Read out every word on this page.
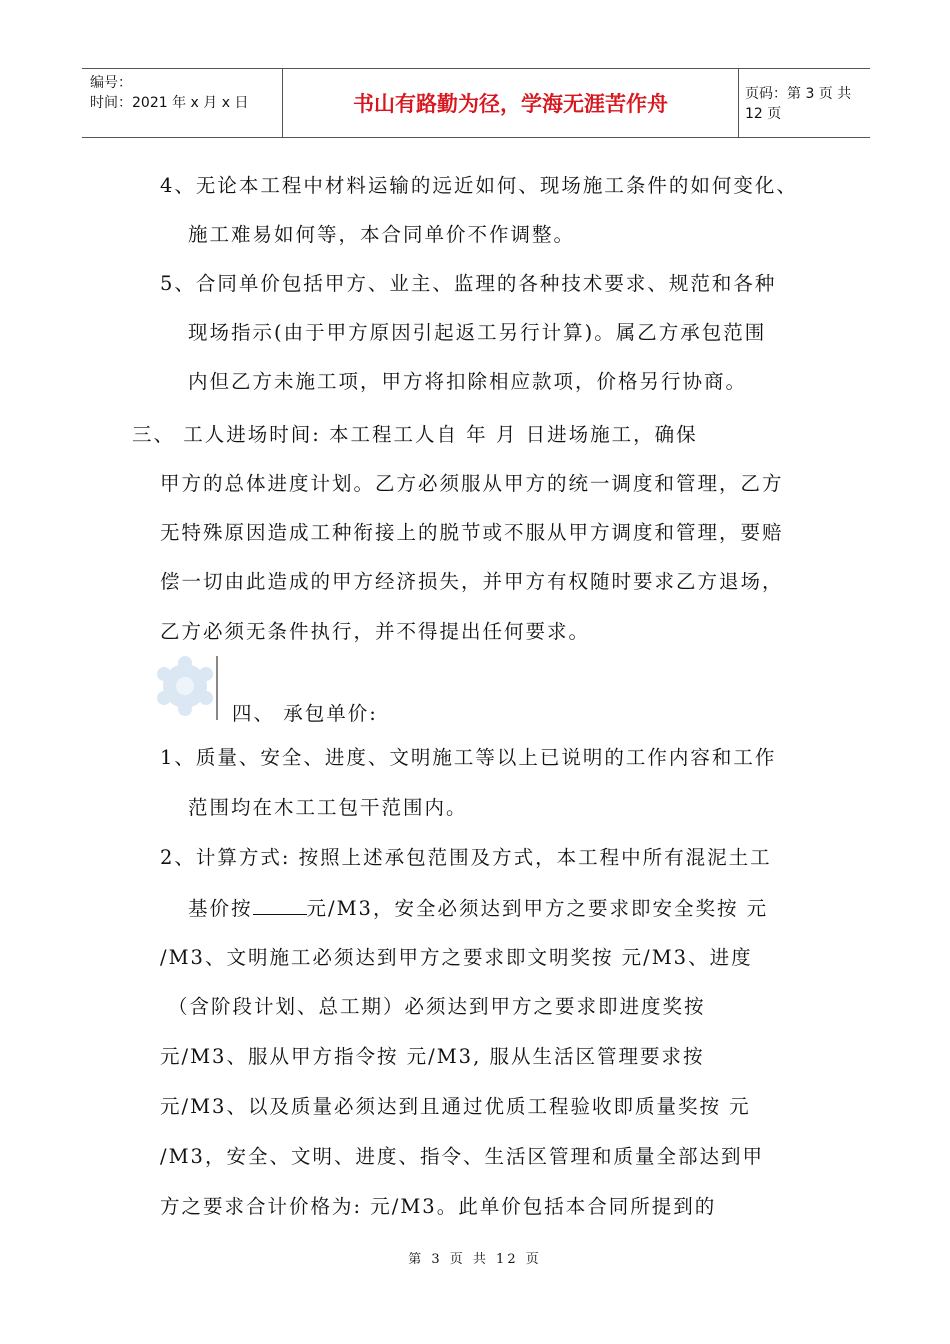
编号：
时间：2021 年 x 月 x 日	书山有路勤为径，学海无涯苦作舟	页码：第 3 页 共 12 页
4、无论本工程中材料运输的远近如何、现场施工条件的如何变化、
施工难易如何等，本合同单价不作调整。
5、合同单价包括甲方、业主、监理的各种技术要求、规范和各种
现场指示(由于甲方原因引起返工另行计算)。属乙方承包范围
内但乙方未施工项，甲方将扣除相应款项，价格另行协商。
三、 工人进场时间: 本工程工人自 年 月 日进场施工，确保
甲方的总体进度计划。乙方必须服从甲方的统一调度和管理，乙方
无特殊原因造成工种衔接上的脱节或不服从甲方调度和管理，要赔
偿一切由此造成的甲方经济损失，并甲方有权随时要求乙方退场，
乙方必须无条件执行，并不得提出任何要求。
四、 承包单价:
1、质量、安全、进度、文明施工等以上已说明的工作内容和工作
范围均在木工工包干范围内。
2、计算方式: 按照上述承包范围及方式，本工程中所有混泥土工
基价按	元/M3，安全必须达到甲方之要求即安全奖按 元
/M3、文明施工必须达到甲方之要求即文明奖按 元/M3、进度
（含阶段计划、总工期）必须达到甲方之要求即进度奖按
元/M3、服从甲方指令按 元/M3, 服从生活区管理要求按
元/M3、以及质量必须达到且通过优质工程验收即质量奖按 元
/M3，安全、文明、进度、指令、生活区管理和质量全部达到甲
方之要求合计价格为: 元/M3。此单价包括本合同所提到的
第 3 页 共 12 页
